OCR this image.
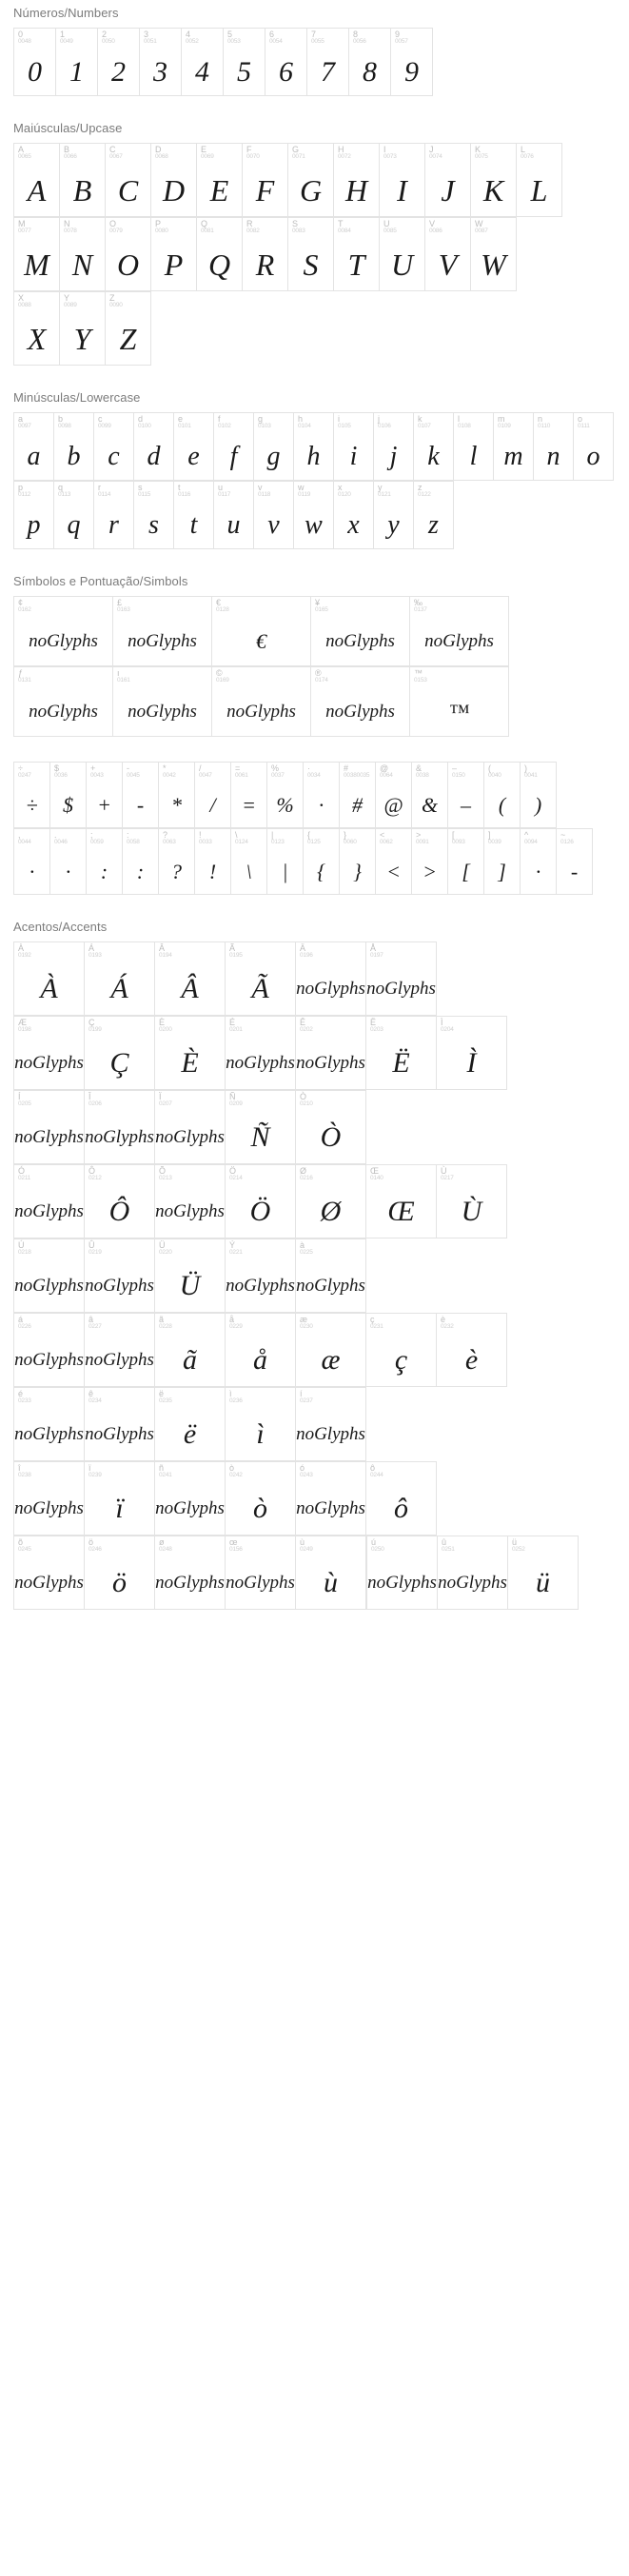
Números/Numbers
0
0048
0
1
0049
1
2
0050
2
3
0051
3
4
0052
4
5
0053
5
6
0054
6
7
0055
7
8
0056
8
9
0057
9
Maiúsculas/Upcase
A
0065
A
B
0066
B
C
0067
C
D
0068
D
E
0069
E
F
0070
F
G
0071
G
H
0072
H
I
0073
I
J
0074
J
K
0075
K
L
0076
L
M
0077
M
N
0078
N
O
0079
O
P
0080
P
Q
0081
Q
R
0082
R
S
0083
S
T
0084
T
U
0085
U
V
0086
V
W
0087
W
X
0088
X
Y
0089
Y
Z
0090
Z
Minúsculas/Lowercase
a
0097
a
b
0098
b
c
0099
c
d
0100
d
e
0101
e
f
0102
f
g
0103
g
h
0104
h
i
0105
i
j
0106
j
k
0107
k
l
0108
l
m
0109
m
n
0110
n
o
0111
o
p
0112
p
q
0113
q
r
0114
r
s
0115
s
t
0116
t
u
0117
u
v
0118
v
w
0119
w
x
0120
x
y
0121
y
z
0122
z
Símbolos e Pontuação/Simbols
¢
0162
noGlyphs
£
0163
noGlyphs
€
0128
€
¥
0165
noGlyphs
‰
0137
noGlyphs
ƒ
0131
noGlyphs
ı
0161
noGlyphs
©
0169
noGlyphs
®
0174
noGlyphs
™
0153
™
÷
0247
÷
$
0036
$
+
0043
+
-
0045
-
*
0042
*
/
0047
/
=
0061
=
%
0037
%
·
0034
·
#
00380035
#
@
0064
@
&
0038
&
–
0150
–
(
0040
(
)
0041
)
,
0044
·
.
0046
·
;
0059
:
:
0058
:
?
0063
?
!
0033
!
\
0124
\
|
0123
|
{
0125
{
}
0060
}
<
0062
<
>
0091
>
[
0093
[
]
0039
]
^
0094
·
~
0126
-
Acentos/Accents
À
0192
À
Á
0193
Á
Â
0194
Â
Ã
0195
Ã
Ä
0196
noGlyphs
Å
0197
noGlyphs
Æ
0198
noGlyphs
Ç
0199
Ç
È
0200
È
É
0201
noGlyphs
Ê
0202
noGlyphs
Ë
0203
Ë
Ì
0204
Ì
Í
0205
noGlyphs
Î
0206
noGlyphs
Ï
0207
noGlyphs
Ñ
0209
Ñ
Ò
0210
Ò
Ó
0211
noGlyphs
Ô
0212
Ô
Õ
0213
noGlyphs
Ö
0214
Ö
Ø
0216
Ø
Œ
0140
Œ
Ù
0217
Ù
Ú
0218
noGlyphs
Û
0219
noGlyphs
Ü
0220
Ü
Ý
0221
noGlyphs
à
0225
noGlyphs
á
0226
noGlyphs
â
0227
noGlyphs
ã
0228
ã
å
0229
å
æ
0230
æ
ç
0231
ç
è
0232
è
é
0233
noGlyphs
ê
0234
noGlyphs
ë
0235
ë
ì
0236
ì
í
0237
noGlyphs
î
0238
noGlyphs
ï
0239
ï
ñ
0241
noGlyphs
ò
0242
ò
ó
0243
noGlyphs
ô
0244
ô
õ
0245
noGlyphs
ö
0246
ö
ø
0248
noGlyphs
œ
0156
noGlyphs
ù
0249
ù
ú
0250
noGlyphs
û
0251
noGlyphs
ü
0252
ü
